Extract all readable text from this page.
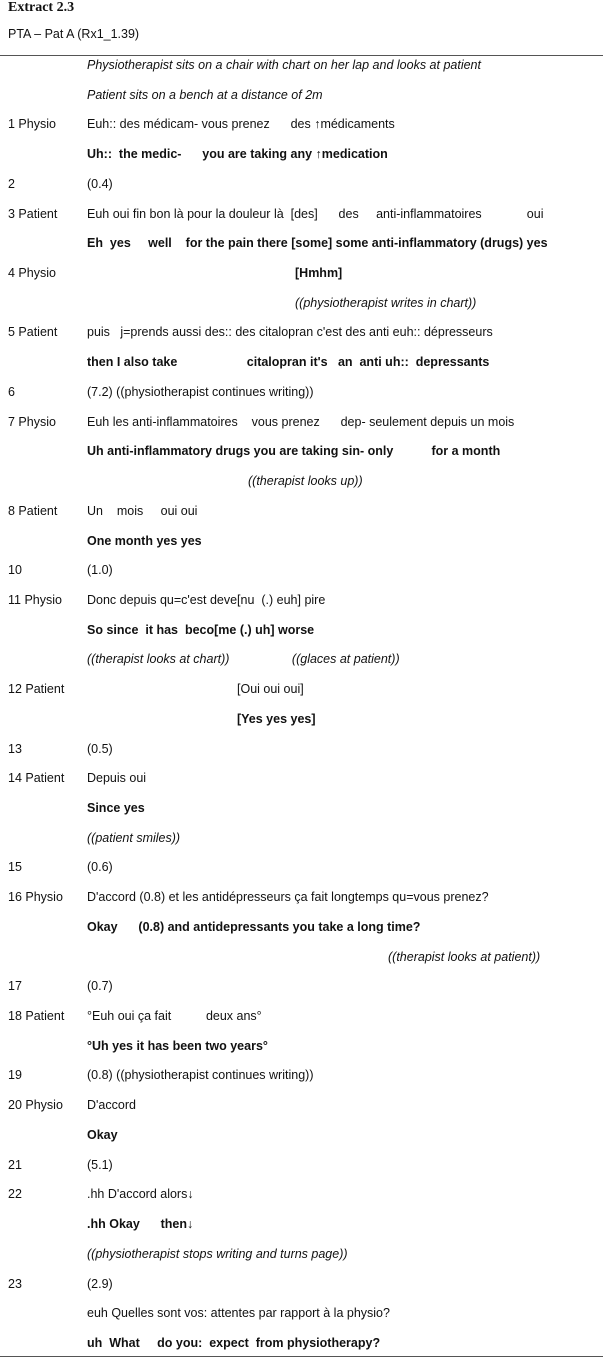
Extract 2.3
PTA – Pat A (Rx1_1.39)
Physiotherapist sits on a chair with chart on her lap and looks at patient
Patient sits on a bench at a distance of 2m
1 Physio Euh:: des médicam- vous prenez      des ↑médicaments
Uh::  the medic-      you are taking any ↑medication
2	(0.4)
3 Patient Euh oui fin bon là pour la douleur là  [des]      des     anti-inflammatoires             oui
Eh  yes     well    for the pain there [some] some anti-inflammatory (drugs) yes
4 Physio	[Hmhm]
((physiotherapist writes in chart))
5 Patient puis   j=prends aussi des:: des citalopran c'est des anti euh:: dépresseurs
then I also take                    citalopran it's   an  anti uh::  depressants
6	(7.2) ((physiotherapist continues writing))
7 Physio Euh les anti-inflammatoires    vous prenez      dep- seulement depuis un mois
Uh anti-inflammatory drugs you are taking sin- only           for a month
((therapist looks up))
8 Patient Un    mois     oui oui
One month yes yes
10	(1.0)
11 Physio Donc depuis qu=c'est deve[nu  (.) euh] pire
So since  it has  beco[me (.) uh] worse
((therapist looks at chart))                  ((glaces at patient))
12 Patient	[Oui oui oui]
[Yes yes yes]
13	(0.5)
14 Patient Depuis oui
Since yes
((patient smiles))
15	(0.6)
16 Physio D'accord (0.8) et les antidépresseurs ça fait longtemps qu=vous prenez?
Okay      (0.8) and antidepressants you take a long time?
((therapist looks at patient))
17	(0.7)
18 Patient °Euh oui ça fait          deux ans°
°Uh yes it has been two years°
19	(0.8) ((physiotherapist continues writing))
20 Physio D'accord
Okay
21	(5.1)
22	.hh D'accord alors↓
.hh Okay      then↓
((physiotherapist stops writing and turns page))
23	(2.9)
euh Quelles sont vos: attentes par rapport à la physio?
uh  What     do you:  expect  from physiotherapy?
